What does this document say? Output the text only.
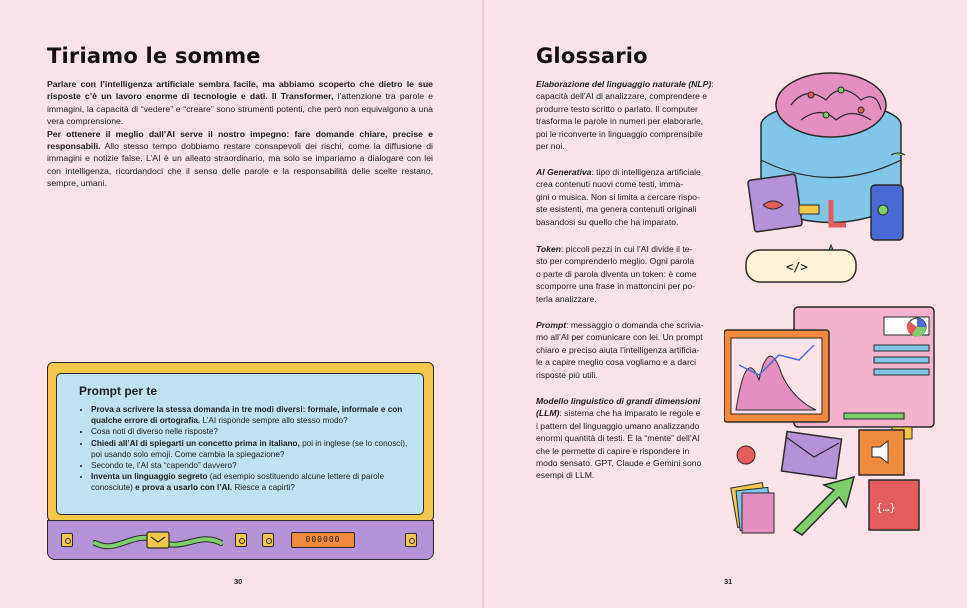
Tiriamo le somme

Parlare con l’intelligenza artificiale sembra facile, ma abbiamo scoperto che dietro le sue risposte c’è un lavoro enorme di tecnologie e dati. Il Transformer, l’attenzione tra parole e immagini, la capacità di “vedere” e “creare” sono strumenti potenti, che però non equivalgono a una vera comprensione.

Per ottenere il meglio dall’AI serve il nostro impegno: fare domande chiare, precise e responsabili. Allo stesso tempo dobbiamo restare consapevoli dei rischi, come la diffusione di immagini e notizie false. L’AI è un alleato straordinario, ma solo se impariamo a dialogare con lei con intelligenza, ricordandoci che il senso delle parole e la responsabilità delle scelte restano, sempre, umani.

Prompt per te
• Prova a scrivere la stessa domanda in tre modi diversi: formale, informale e con qualche errore di ortografia. L’AI risponde sempre allo stesso modo?
• Cosa noti di diverso nelle risposte?
• Chiedi all’AI di spiegarti un concetto prima in italiano, poi in inglese (se lo conosci), poi usando solo emoji. Come cambia la spiegazione?
• Secondo te, l’AI sta “capendo” davvero?
• Inventa un linguaggio segreto (ad esempio sostituendo alcune lettere di parole conosciute) e prova a usarlo con l’AI. Riesce a capirti?
000000
30
Glossario
Elaborazione del linguaggio naturale (NLP):
capacità dell’AI di analizzare, comprendere e
produrre testo scritto o parlato. Il computer
trasforma le parole in numeri per elaborarle,
poi le riconverte in linguaggio comprensibile
per noi.
AI Generativa: tipo di intelligenza artificiale
crea contenuti nuovi come testi, imma-
gini o musica. Non si limita a cercare rispo-
ste esistenti, ma genera contenuti originali
basandosi su quello che ha imparato.
Token: piccoli pezzi in cui l’AI divide il te-
sto per comprenderlo meglio. Ogni parola
o parte di parola diventa un token: è come
scomporre una frase in mattoncini per po-
terla analizzare.
Prompt: messaggio o domanda che scrivia-
mo all’AI per comunicare con lei. Un prompt
chiaro e preciso aiuta l’intelligenza artificia-
le a capire meglio cosa vogliamo e a darci
risposte più utili.
Modello linguistico di grandi dimensioni
(LLM): sistema che ha imparato le regole e
i pattern del linguaggio umano analizzando
enormi quantità di testi. È la “mente” dell’AI
che le permette di capire e rispondere in
modo sensato. GPT, Claude e Gemini sono
esempi di LLM.
</>
{…}
31
